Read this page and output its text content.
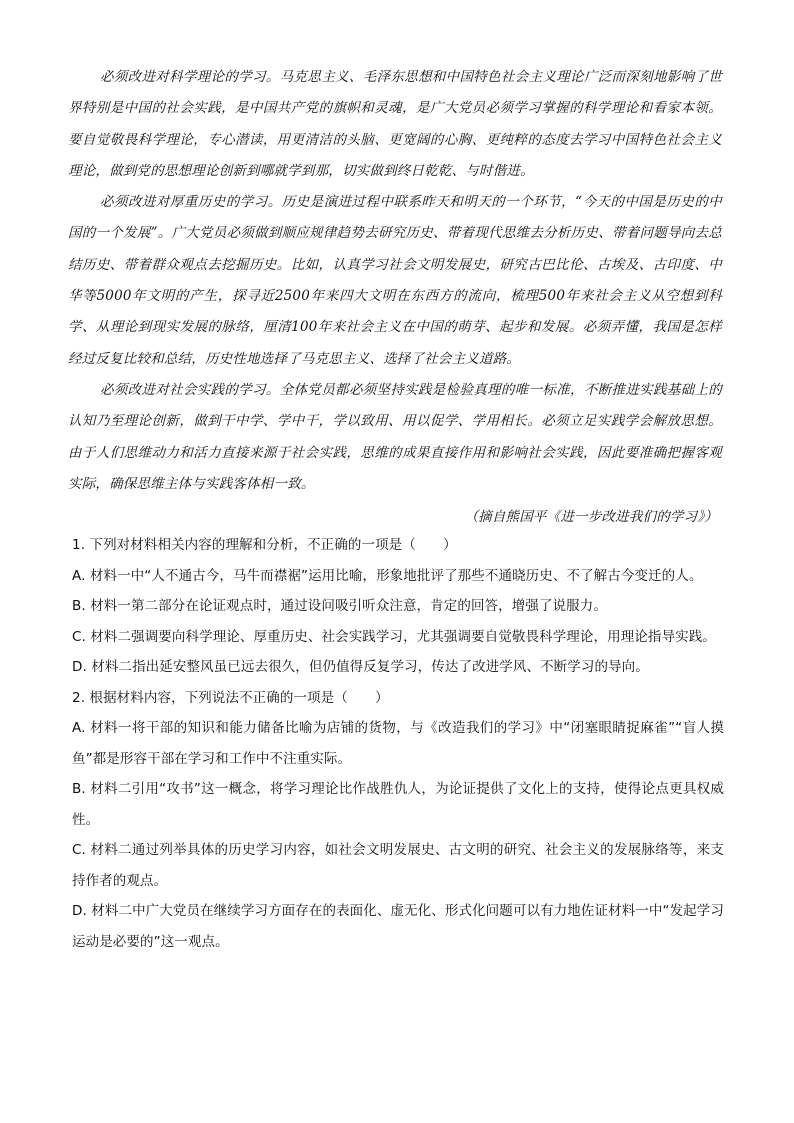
必须改进对科学理论的学习。马克思主义、毛泽东思想和中国特色社会主义理论广泛而深刻地影响了世界特别是中国的社会实践，是中国共产党的旗帜和灵魂，是广大党员必须学习掌握的科学理论和看家本领。要自觉敬畏科学理论，专心潜读，用更清洁的头脑、更宽阔的心胸、更纯粹的态度去学习中国特色社会主义理论，做到党的思想理论创新到哪就学到那，切实做到终日乾乾、与时偕进。

必须改进对厚重历史的学习。历史是演进过程中联系昨天和明天的一个环节，“今天的中国是历史的中国的一个发展”。广大党员必须做到顺应规律趋势去研究历史、带着现代思维去分析历史、带着问题导向去总结历史、带着群众观点去挖掘历史。比如，认真学习社会文明发展史，研究古巴比伦、古埃及、古印度、中华等5000年文明的产生，探寻近2500年来四大文明在东西方的流向，梳理500年来社会主义从空想到科学、从理论到现实发展的脉络，厘清100年来社会主义在中国的萌芽、起步和发展。必须弄懂，我国是怎样经过反复比较和总结，历史性地选择了马克思主义、选择了社会主义道路。

必须改进对社会实践的学习。全体党员都必须坚持实践是检验真理的唯一标准，不断推进实践基础上的认知乃至理论创新，做到干中学、学中干，学以致用、用以促学、学用相长。必须立足实践学会解放思想。由于人们思维动力和活力直接来源于社会实践，思维的成果直接作用和影响社会实践，因此要准确把握客观实际，确保思维主体与实践客体相一致。

（摘自熊国平《进一步改进我们的学习》）

1. 下列对材料相关内容的理解和分析，不正确的一项是（　　）

A. 材料一中“人不通古今，马牛而襟裾”运用比喻，形象地批评了那些不通晓历史、不了解古今变迁的人。

B. 材料一第二部分在论证观点时，通过设问吸引听众注意，肯定的回答，增强了说服力。

C. 材料二强调要向科学理论、厚重历史、社会实践学习，尤其强调要自觉敬畏科学理论，用理论指导实践。

D. 材料二指出延安整风虽已远去很久，但仍值得反复学习，传达了改进学风、不断学习的导向。

2. 根据材料内容，下列说法不正确的一项是（　　）

A. 材料一将干部的知识和能力储备比喻为店铺的货物，与《改造我们的学习》中“闭塞眼睛捉麻雀”“盲人摸鱼”都是形容干部在学习和工作中不注重实际。

B. 材料二引用“攻书”这一概念，将学习理论比作战胜仇人，为论证提供了文化上的支持，使得论点更具权威性。

C. 材料二通过列举具体的历史学习内容，如社会文明发展史、古文明的研究、社会主义的发展脉络等，来支持作者的观点。

D. 材料二中广大党员在继续学习方面存在的表面化、虚无化、形式化问题可以有力地佐证材料一中“发起学习运动是必要的”这一观点。
